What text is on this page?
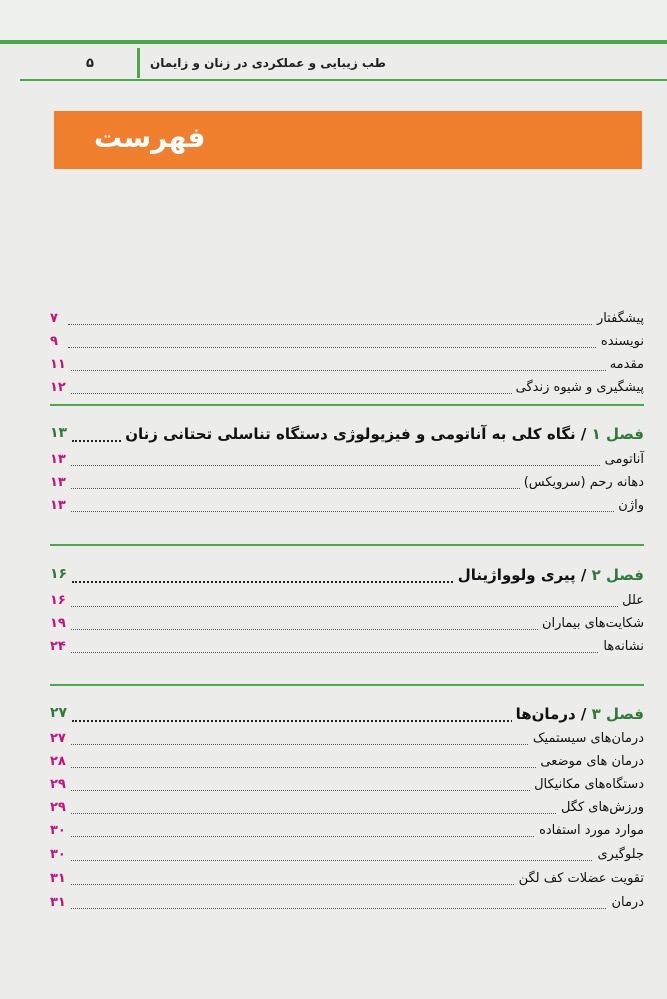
۵	طب زیبایی و عملکردی در زنان و زایمان
فهرست
پیشگفتار
۷
نویسنده
۹
مقدمه
۱۱
پیشگیری و شیوه زندگی
۱۲
فصل ۱ / نگاه کلی به آناتومی و فیزیولوژی دستگاه تناسلی تحتانی زنان
۱۳
آناتومی
۱۳
دهانه رحم (سرویکس)
۱۳
واژن
۱۳
فصل ۲ / پیری ولوواژینال
۱۶
علل
۱۶
شکایت‌های بیماران
۱۹
نشانه‌ها
۲۴
فصل ۳ / درمان‌ها
۲۷
درمان‌های سیستمیک
۲۷
درمان های موضعی
۲۸
دستگاه‌های مکانیکال
۲۹
ورزش‌های کگل
۲۹
موارد مورد استفاده
۳۰
جلوگیری
۳۰
تقویت عضلات کف لگن
۳۱
درمان
۳۱
